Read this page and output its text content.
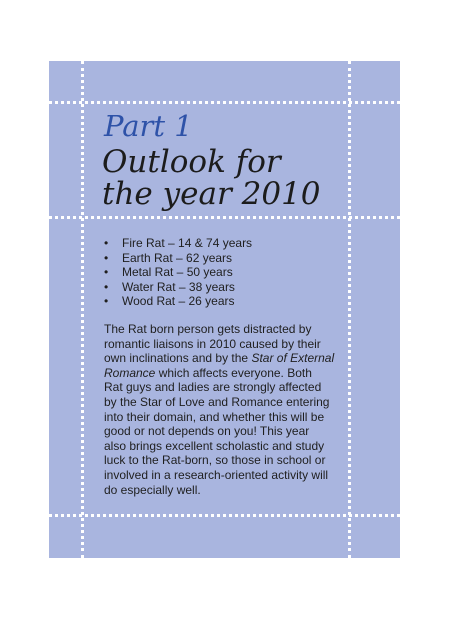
Part 1
Outlook for
the year 2010
• Fire Rat – 14 & 74 years
• Earth Rat – 62 years
• Metal Rat – 50 years
• Water Rat – 38 years
• Wood Rat – 26 years

The Rat born person gets distracted by
romantic liaisons in 2010 caused by their
own inclinations and by the Star of External
Romance which affects everyone. Both
Rat guys and ladies are strongly affected
by the Star of Love and Romance entering
into their domain, and whether this will be
good or not depends on you! This year
also brings excellent scholastic and study
luck to the Rat-born, so those in school or
involved in a research-oriented activity will
do especially well.
